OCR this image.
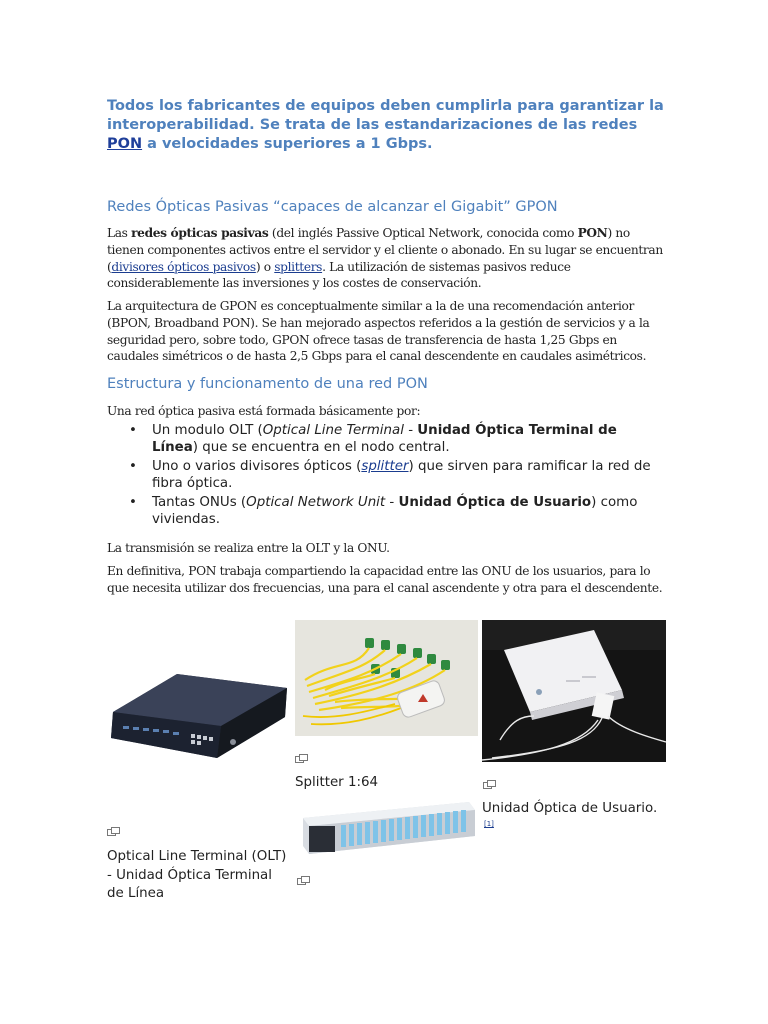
Todos los fabricantes de equipos deben cumplirla para garantizar la interoperabilidad. Se trata de las estandarizaciones de las redes PON a velocidades superiores a 1 Gbps.

Redes Ópticas Pasivas “capaces de alcanzar el Gigabit” GPON

Las redes ópticas pasivas (del inglés Passive Optical Network, conocida como PON) no tienen componentes activos entre el servidor y el cliente o abonado. En su lugar se encuentran (divisores ópticos pasivos) o splitters. La utilización de sistemas pasivos reduce considerablemente las inversiones y los costes de conservación.

La arquitectura de GPON es conceptualmente similar a la de una recomendación anterior (BPON, Broadband PON). Se han mejorado aspectos referidos a la gestión de servicios y a la seguridad pero, sobre todo, GPON ofrece tasas de transferencia de hasta 1,25 Gbps en caudales simétricos o de hasta 2,5 Gbps para el canal descendente en caudales asimétricos.

Estructura y funcionamento de una red PON

Una red óptica pasiva está formada básicamente por:

• Un modulo OLT (Optical Line Terminal - Unidad Óptica Terminal de Línea) que se encuentra en el nodo central.
• Uno o varios divisores ópticos (splitter) que sirven para ramificar la red de fibra óptica.
• Tantas ONUs (Optical Network Unit - Unidad Óptica de Usuario) como viviendas.

La transmisión se realiza entre la OLT y la ONU.

En definitiva, PON trabaja compartiendo la capacidad entre las ONU de los usuarios, para lo que necesita utilizar dos frecuencias, una para el canal ascendente y otra para el descendente.

Optical Line Terminal (OLT) - Unidad Óptica Terminal de Línea

Splitter 1:64

Unidad Óptica de Usuario.

[1]
